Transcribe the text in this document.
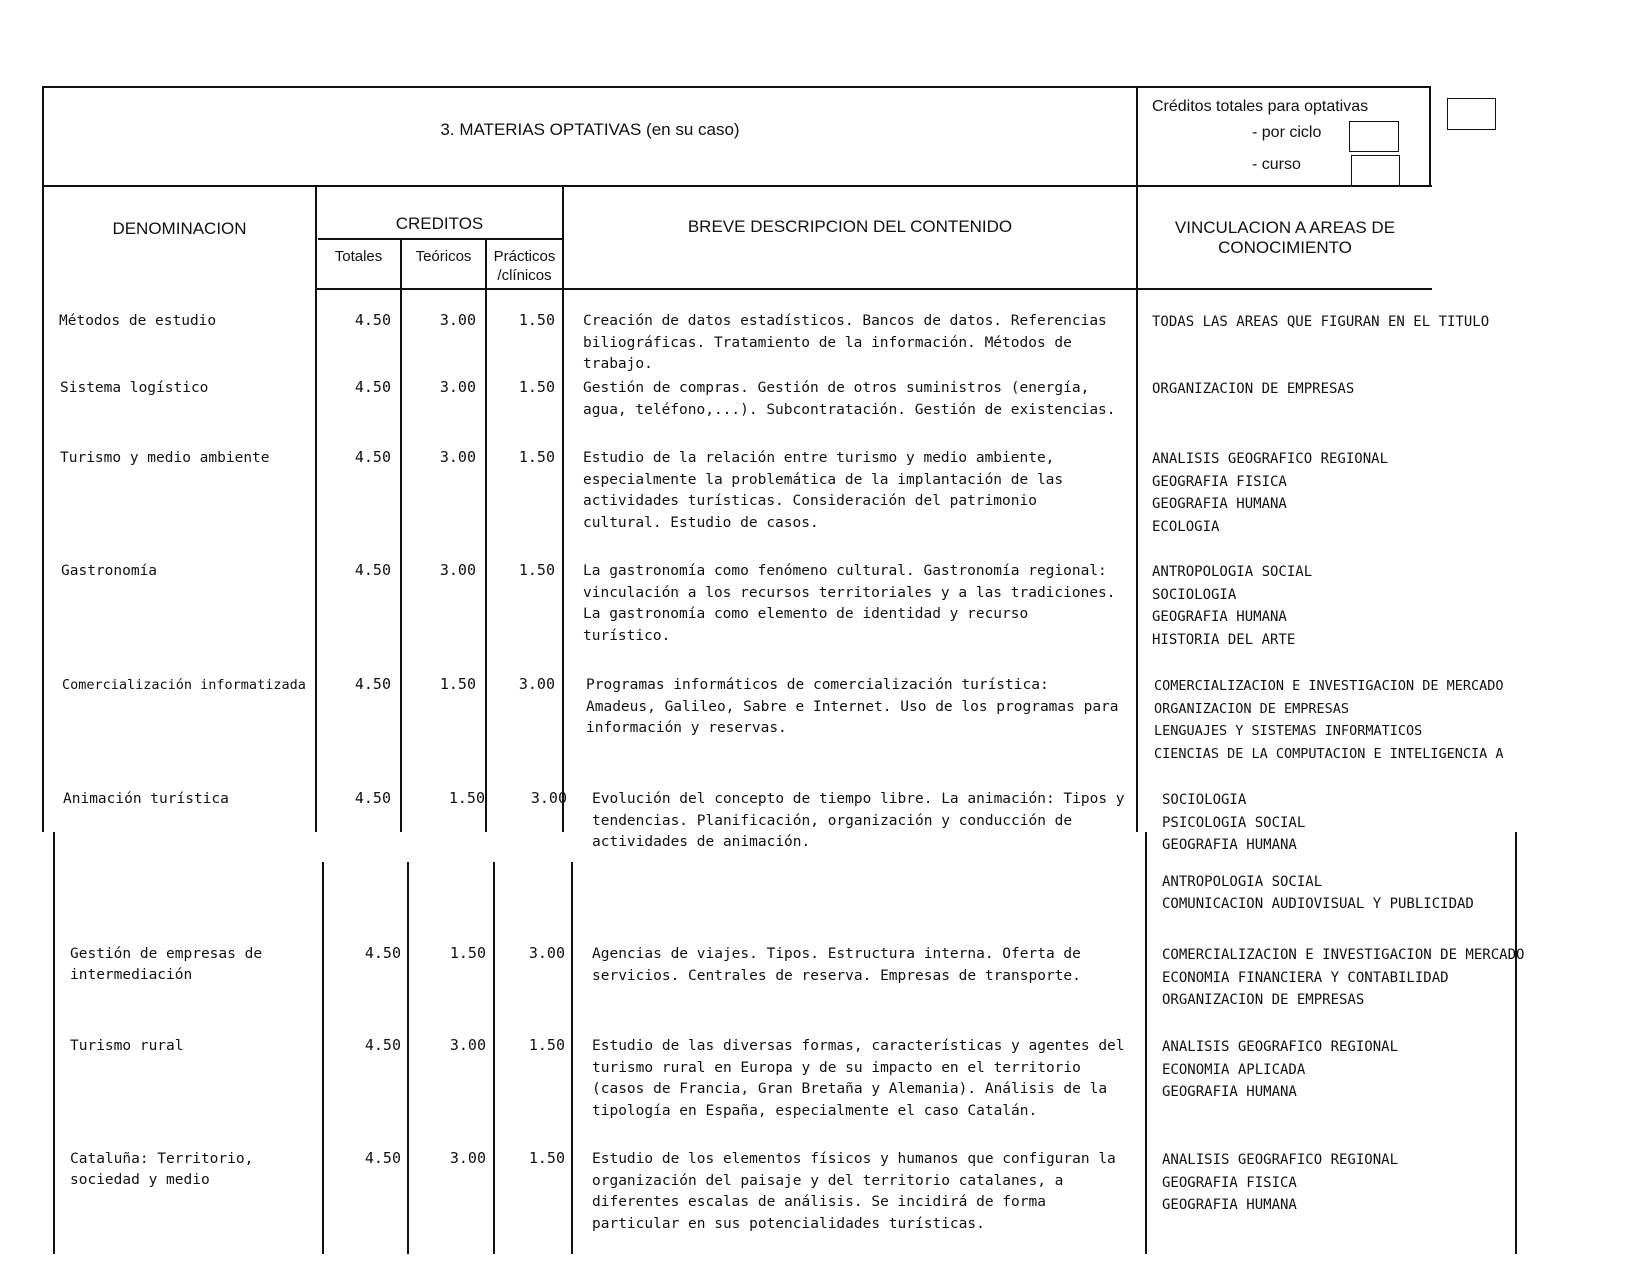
3. MATERIAS OPTATIVAS (en su caso)
Créditos totales para optativas
- por ciclo
- curso
DENOMINACION	CREDITOS
Totales	Teóricos	Prácticos
/clínicos
BREVE DESCRIPCION DEL CONTENIDO	VINCULACION A AREAS DE
CONOCIMIENTO
Métodos de estudio	4.50	3.00	1.50 Creación de datos estadísticos. Bancos de datos. Referencias biliográficas. Tratamiento de la información. Métodos de trabajo.
TODAS LAS AREAS QUE FIGURAN EN EL TITULO
Sistema logístico	4.50	3.00	1.50 Gestión de compras. Gestión de otros suministros (energía, agua, teléfono,...). Subcontratación. Gestión de existencias.
ORGANIZACION DE EMPRESAS
Turismo y medio ambiente	4.50	3.00	1.50 Estudio de la relación entre turismo y medio ambiente, especialmente la problemática de la implantación de las actividades turísticas. Consideración del patrimonio cultural. Estudio de casos.
ANALISIS GEOGRAFICO REGIONAL
GEOGRAFIA FISICA
GEOGRAFIA HUMANA
ECOLOGIA
Gastronomía	4.50	3.00	1.50 La gastronomía como fenómeno cultural. Gastronomía regional: vinculación a los recursos territoriales y a las tradiciones. La gastronomía como elemento de identidad y recurso turístico.
ANTROPOLOGIA SOCIAL
SOCIOLOGIA
GEOGRAFIA HUMANA
HISTORIA DEL ARTE
Comercialización informatizada	4.50	1.50	3.00 Programas informáticos de comercialización turística: Amadeus, Galileo, Sabre e Internet. Uso de los programas para información y reservas.
COMERCIALIZACION E INVESTIGACION DE MERCADO
ORGANIZACION DE EMPRESAS
LENGUAJES Y SISTEMAS INFORMATICOS
CIENCIAS DE LA COMPUTACION E INTELIGENCIA A
Animación turística	4.50	1.50	3.00 Evolución del concepto de tiempo libre. La animación: Tipos y tendencias. Planificación, organización y conducción de actividades de animación.
SOCIOLOGIA
PSICOLOGIA SOCIAL
GEOGRAFIA HUMANA
ANTROPOLOGIA SOCIAL
COMUNICACION AUDIOVISUAL Y PUBLICIDAD
Gestión de empresas de intermediación
4.50	1.50	3.00 Agencias de viajes. Tipos. Estructura interna. Oferta de servicios. Centrales de reserva. Empresas de transporte.
COMERCIALIZACION E INVESTIGACION DE MERCADO
ECONOMIA FINANCIERA Y CONTABILIDAD
ORGANIZACION DE EMPRESAS
Turismo rural	4.50	3.00	1.50 Estudio de las diversas formas, características y agentes del turismo rural en Europa y de su impacto en el territorio (casos de Francia, Gran Bretaña y Alemania). Análisis de la tipología en España, especialmente el caso Catalán.
ANALISIS GEOGRAFICO REGIONAL
ECONOMIA APLICADA
GEOGRAFIA HUMANA
Cataluña: Territorio, sociedad y medio
4.50	3.00	1.50 Estudio de los elementos físicos y humanos que configuran la organización del paisaje y del territorio catalanes, a diferentes escalas de análisis. Se incidirá de forma particular en sus potencialidades turísticas.
ANALISIS GEOGRAFICO REGIONAL
GEOGRAFIA FISICA
GEOGRAFIA HUMANA
